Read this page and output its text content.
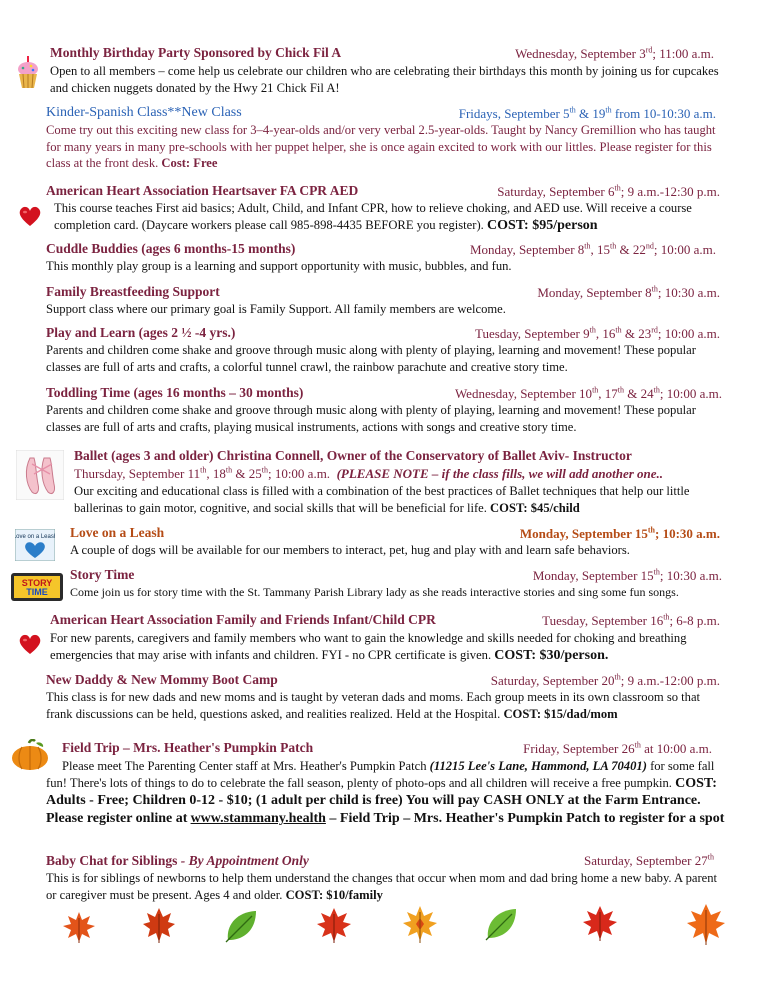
Monthly Birthday Party Sponsored by Chick Fil A	Wednesday, September 3rd; 11:00 a.m.
Open to all members – come help us celebrate our children who are celebrating their birthdays this month by joining us for cupcakes and chicken nuggets donated by the Hwy 21 Chick Fil A!
Kinder-Spanish Class**New Class	Fridays, September 5th & 19th from 10-10:30 a.m.
Come try out this exciting new class for 3–4-year-olds and/or very verbal 2.5-year-olds. Taught by Nancy Gremillion who has taught for many years in many pre-schools with her puppet helper, she is once again excited to work with our littles. Please register for this class at the front desk. Cost: Free
American Heart Association Heartsaver FA CPR AED	Saturday, September 6th; 9 a.m.-12:30 p.m.
This course teaches First aid basics; Adult, Child, and Infant CPR, how to relieve choking, and AED use. Will receive a course completion card. (Daycare workers please call 985-898-4435 BEFORE you register). COST: $95/person
Cuddle Buddies (ages 6 months-15 months)	Monday, September 8th, 15th & 22nd; 10:00 a.m.
This monthly play group is a learning and support opportunity with music, bubbles, and fun.
Family Breastfeeding Support	Monday, September 8th; 10:30 a.m.
Support class where our primary goal is Family Support. All family members are welcome.
Play and Learn (ages 2 ½ -4 yrs.)	Tuesday, September 9th, 16th & 23rd; 10:00 a.m.
Parents and children come shake and groove through music along with plenty of playing, learning and movement! These popular classes are full of arts and crafts, a colorful tunnel crawl, the rainbow parachute and creative story time.
Toddling Time (ages 16 months – 30 months)	Wednesday, September 10th, 17th & 24th; 10:00 a.m.
Parents and children come shake and groove through music along with plenty of playing, learning and movement! These popular classes are full of arts and crafts, playing musical instruments, actions with songs and creative story time.
Ballet (ages 3 and older) Christina Connell, Owner of the Conservatory of Ballet Aviv- Instructor
Thursday, September 11th, 18th & 25th; 10:00 a.m.  (PLEASE NOTE – if the class fills, we will add another one..
Our exciting and educational class is filled with a combination of the best practices of Ballet techniques that help our little ballerinas to gain motor, cognitive, and social skills that will be beneficial for life. COST: $45/child
Love on a Leash Love on a Leash	Monday, September 15th; 10:30 a.m.
A couple of dogs will be available for our members to interact, pet, hug and play with and learn safe behaviors.
STORY
TIME
Story Time	Monday, September 15th; 10:30 a.m.
Come join us for story time with the St. Tammany Parish Library lady as she reads interactive stories and sing some fun songs.
American Heart Association Family and Friends Infant/Child CPR	Tuesday, September 16th; 6-8 p.m.
For new parents, caregivers and family members who want to gain the knowledge and skills needed for choking and breathing emergencies that may arise with infants and children. FYI - no CPR certificate is given. COST: $30/person.
New Daddy & New Mommy Boot Camp	Saturday, September 20th; 9 a.m.-12:00 p.m.
This class is for new dads and new moms and is taught by veteran dads and moms. Each group meets in its own classroom so that frank discussions can be held, questions asked, and realities realized. Held at the Hospital. COST: $15/dad/mom
Field Trip – Mrs. Heather's Pumpkin Patch	Friday, September 26th at 10:00 a.m.
Please meet The Parenting Center staff at Mrs. Heather's Pumpkin Patch (11215 Lee's Lane, Hammond, LA 70401) for some fall fun! There's lots of things to do to celebrate the fall season, plenty of photo-ops and all children will receive a free pumpkin. COST: Adults - Free; Children 0-12 - $10; (1 adult per child is free) You will pay CASH ONLY at the Farm Entrance. Please register online at www.stammany.health – Field Trip – Mrs. Heather's Pumpkin Patch to register for a spot
Baby Chat for Siblings - By Appointment Only	Saturday, September 27th
This is for siblings of newborns to help them understand the changes that occur when mom and dad bring home a new baby. A parent or caregiver must be present. Ages 4 and older. COST: $10/family
